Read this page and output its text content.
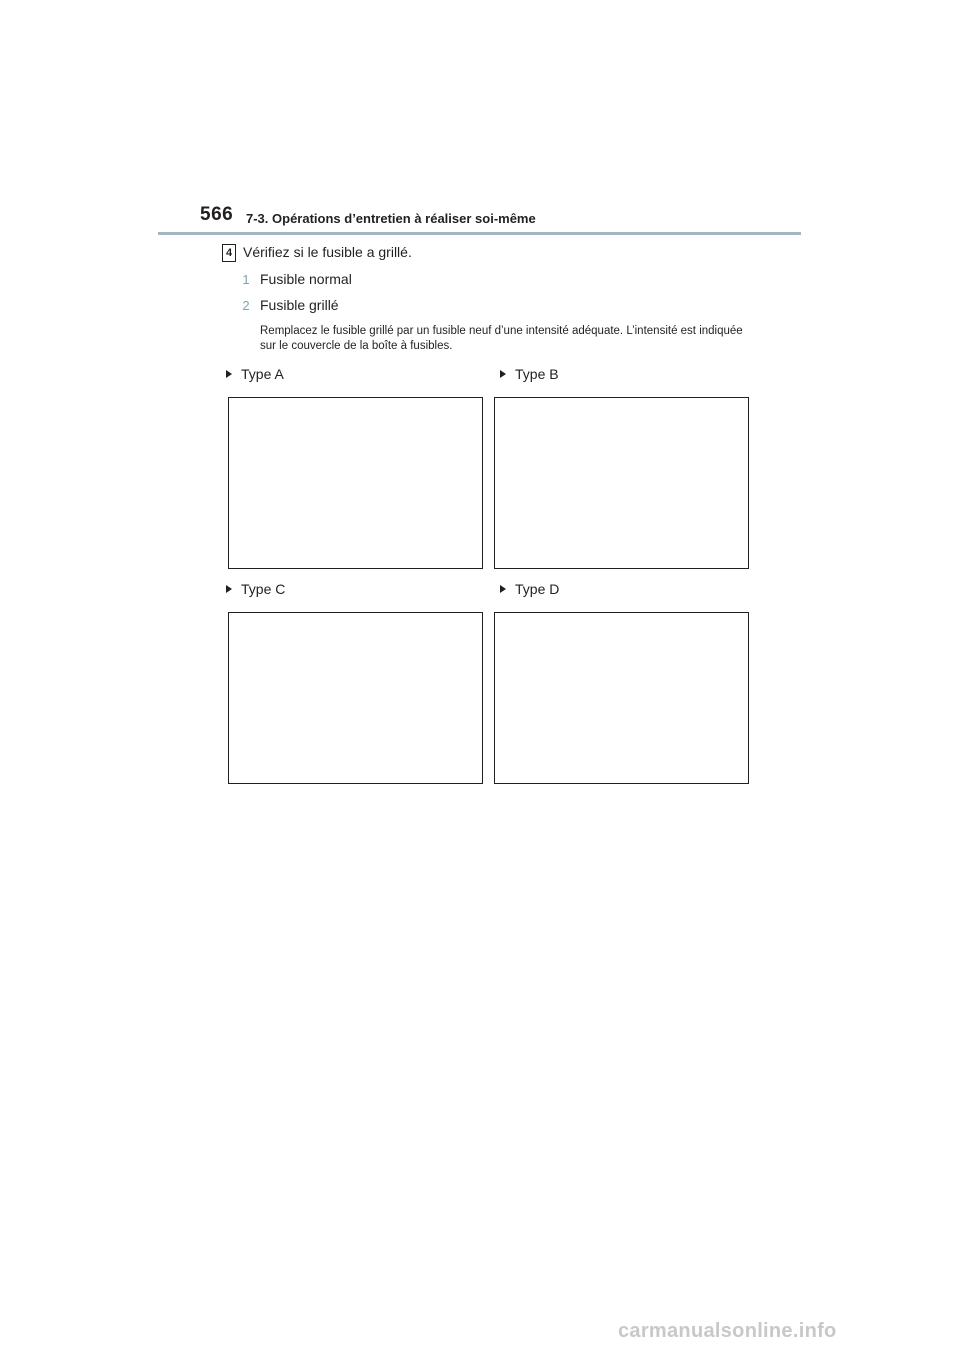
566 7-3. Opérations d’entretien à réaliser soi-même
4 Vérifiez si le fusible a grillé.
1 Fusible normal
2 Fusible grillé
Remplacez le fusible grillé par un fusible neuf d’une intensité adéquate. L’intensité est indiquée sur le couvercle de la boîte à fusibles.
Type A	Type B
Type C	Type D
carmanualsonline.info
